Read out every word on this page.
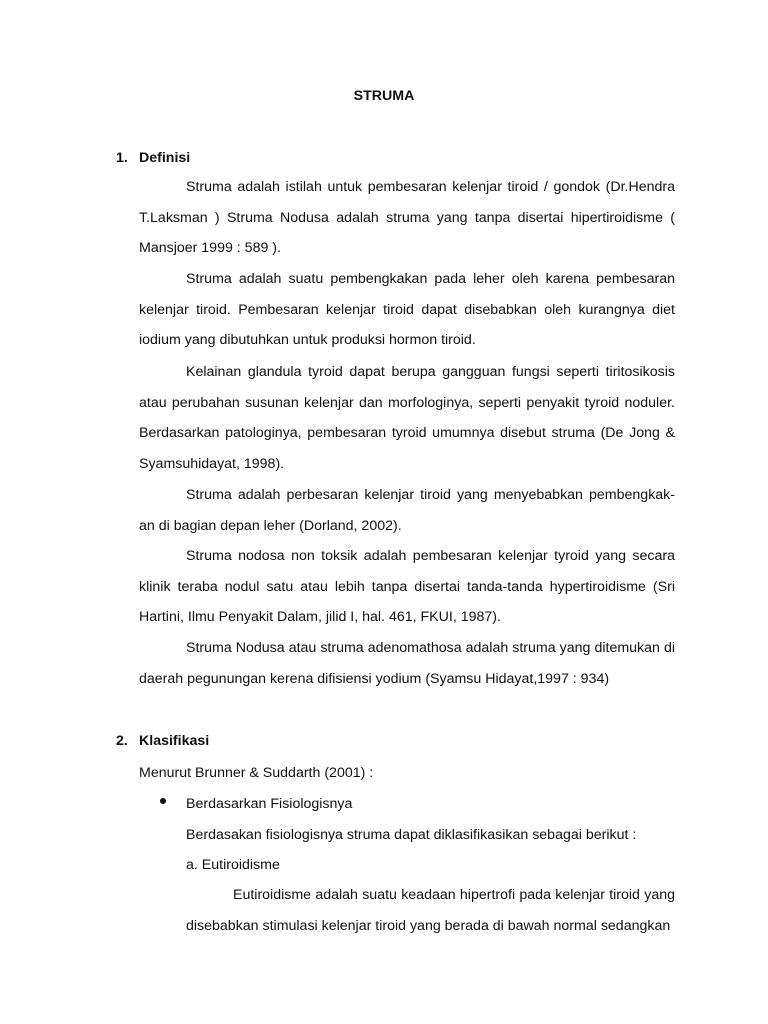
STRUMA
1. Definisi

Struma adalah istilah untuk pembesaran kelenjar tiroid / gondok (Dr.Hendra T.Laksman ) Struma Nodusa adalah struma yang tanpa disertai hipertiroidisme ( Mansjoer 1999 : 589 ).

Struma adalah suatu pembengkakan pada leher oleh karena pembesaran kelenjar tiroid. Pembesaran kelenjar tiroid dapat disebabkan oleh kurangnya diet iodium yang dibutuhkan untuk produksi hormon tiroid.

Kelainan glandula tyroid dapat berupa gangguan fungsi seperti tiritosikosis atau perubahan susunan kelenjar dan morfologinya, seperti penyakit tyroid noduler. Berdasarkan patologinya, pembesaran tyroid umumnya disebut struma (De Jong & Syamsuhidayat, 1998).

Struma adalah perbesaran kelenjar tiroid yang menyebabkan pembengkak-an di bagian depan leher (Dorland, 2002).

Struma nodosa non toksik adalah pembesaran kelenjar tyroid yang secara klinik teraba nodul satu atau lebih tanpa disertai tanda-tanda hypertiroidisme (Sri Hartini, Ilmu Penyakit Dalam, jilid I, hal. 461, FKUI, 1987).

Struma Nodusa atau struma adenomathosa adalah struma yang ditemukan di daerah pegunungan kerena difisiensi yodium (Syamsu Hidayat,1997 : 934)

2. Klasifikasi
Menurut Brunner & Suddarth (2001) :
Berdasarkan Fisiologisnya
Berdasakan fisiologisnya struma dapat diklasifikasikan sebagai berikut :
a. Eutiroidisme

Eutiroidisme adalah suatu keadaan hipertrofi pada kelenjar tiroid yang disebabkan stimulasi kelenjar tiroid yang berada di bawah normal sedangkan
